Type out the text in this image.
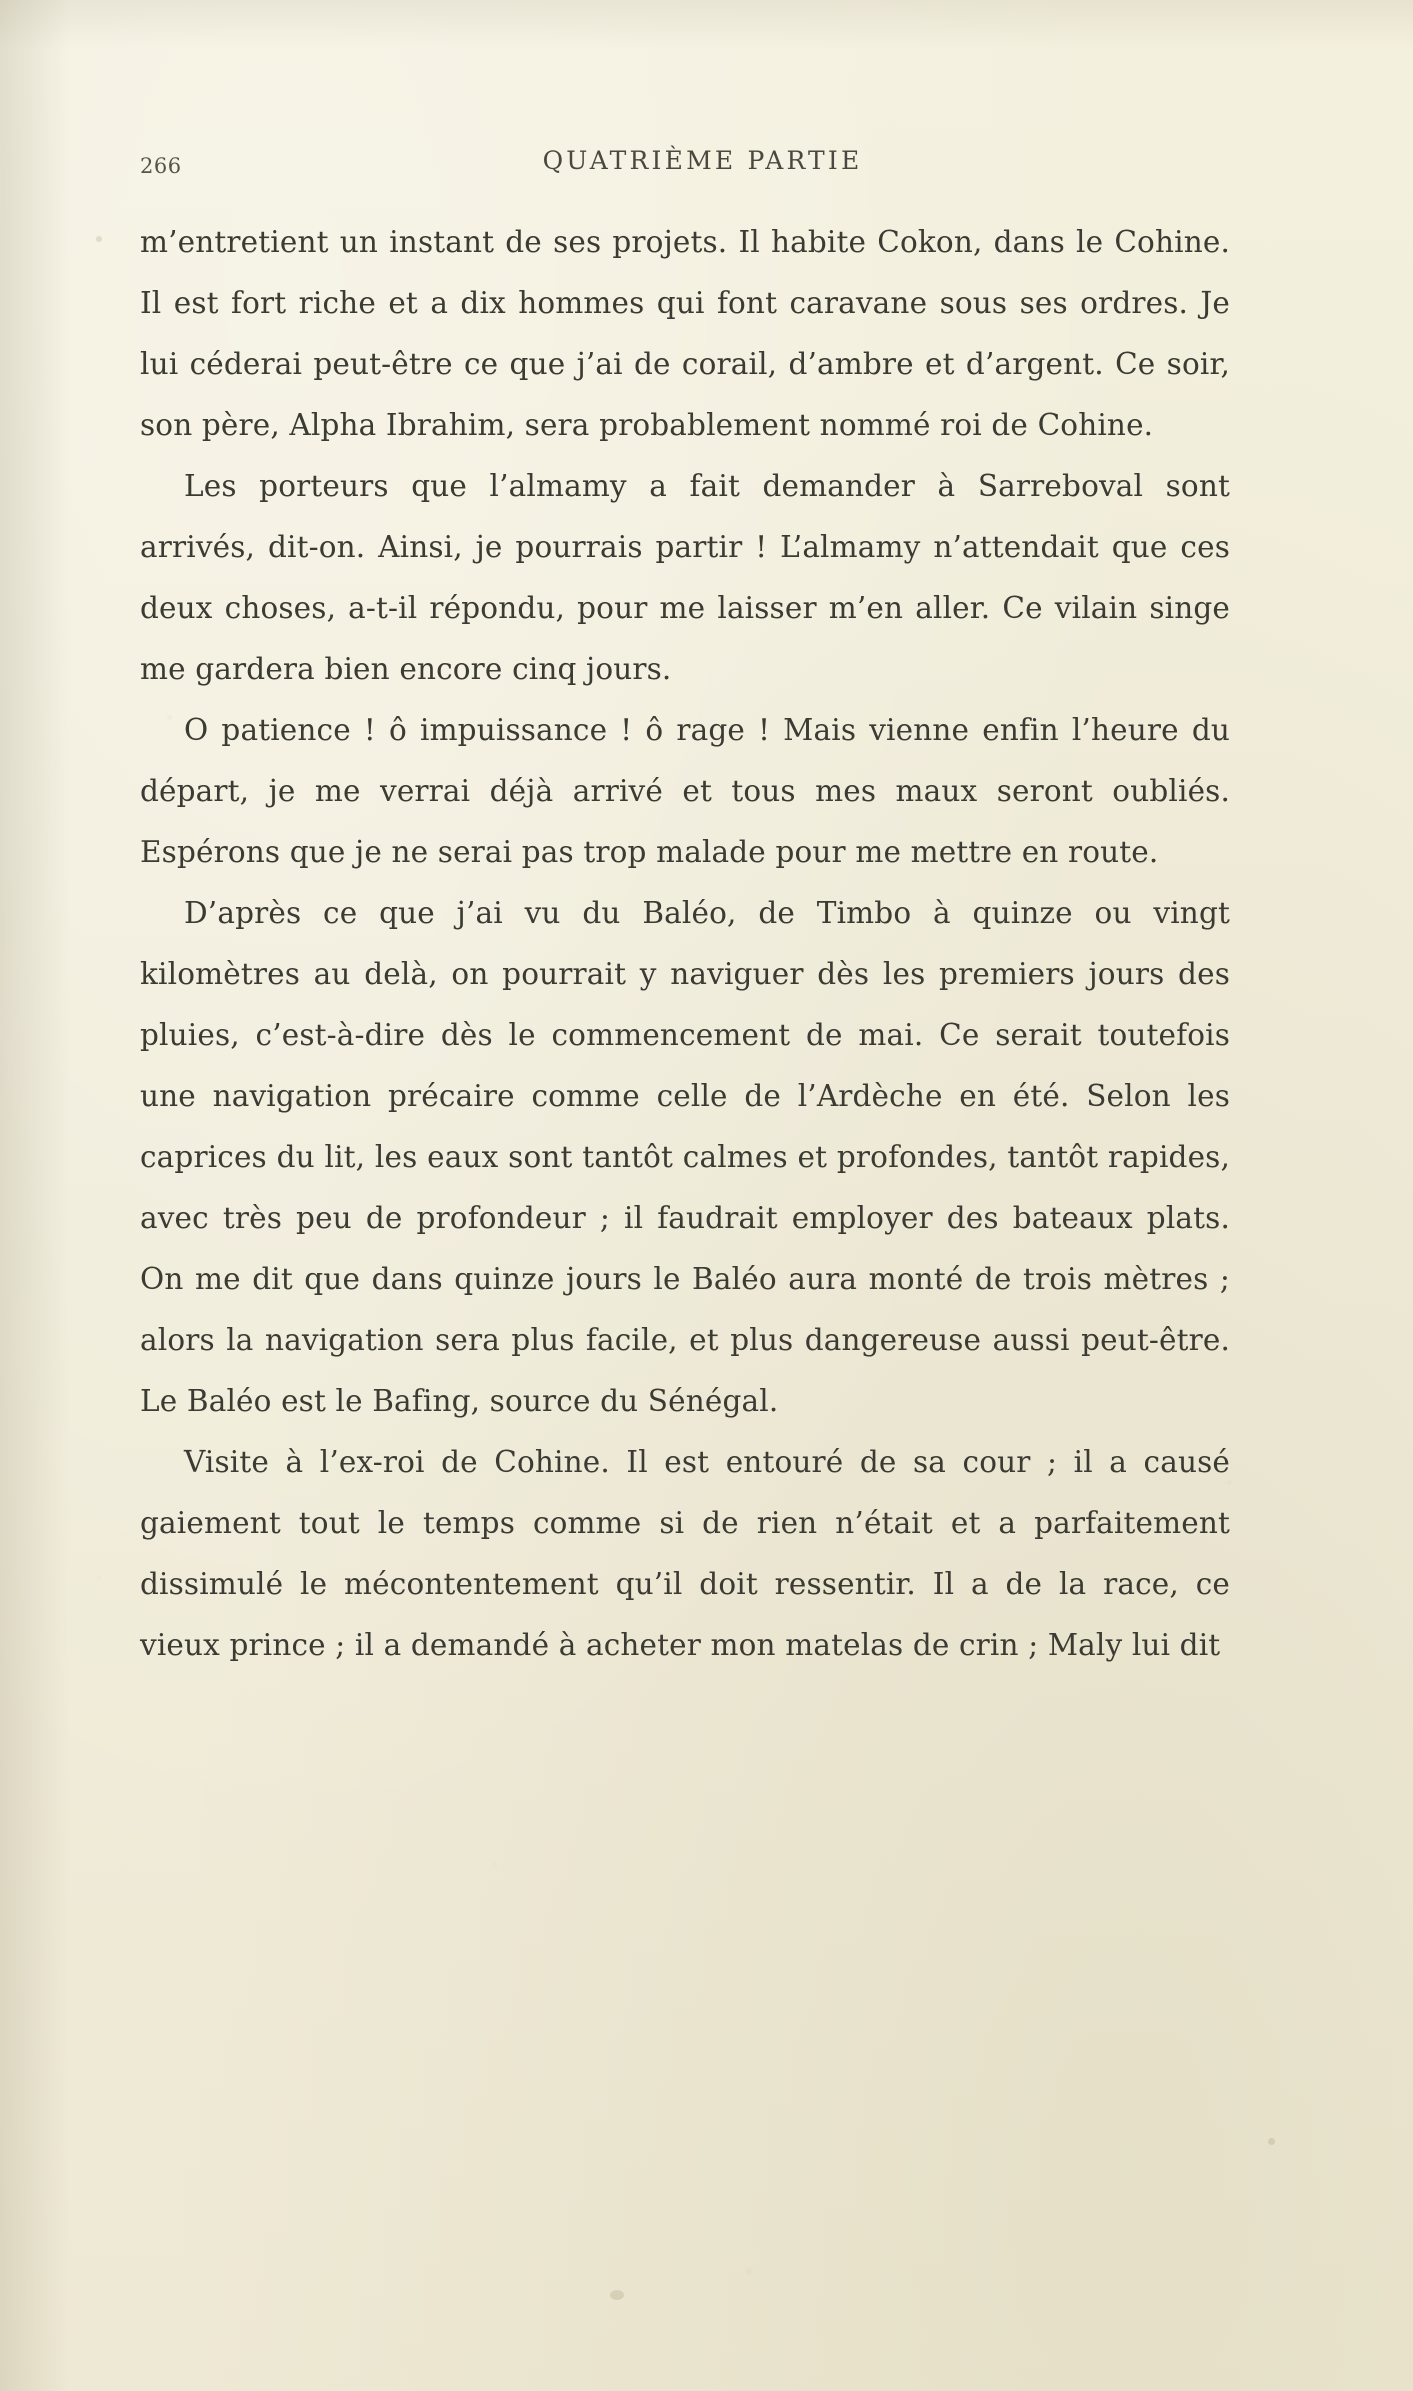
266	QUATRIÈME PARTIE

m’entretient un instant de ses projets. Il habite Cokon, dans le Cohine. Il est fort riche et a dix hommes qui font caravane sous ses ordres. Je lui céderai peut-être ce que j’ai de corail, d’ambre et d’argent. Ce soir, son père, Alpha Ibrahim, sera probablement nommé roi de Cohine.

Les porteurs que l’almamy a fait demander à Sarreboval sont arrivés, dit-on. Ainsi, je pourrais partir ! L’almamy n’attendait que ces deux choses, a-t-il répondu, pour me laisser m’en aller. Ce vilain singe me gardera bien encore cinq jours.

O patience ! ô impuissance ! ô rage ! Mais vienne enfin l’heure du départ, je me verrai déjà arrivé et tous mes maux seront oubliés. Espérons que je ne serai pas trop malade pour me mettre en route.

D’après ce que j’ai vu du Baléo, de Timbo à quinze ou vingt kilomètres au delà, on pourrait y naviguer dès les premiers jours des pluies, c’est-à-dire dès le commencement de mai. Ce serait toutefois une navigation précaire comme celle de l’Ardèche en été. Selon les caprices du lit, les eaux sont tantôt calmes et profondes, tantôt rapides, avec très peu de profondeur ; il faudrait employer des bateaux plats. On me dit que dans quinze jours le Baléo aura monté de trois mètres ; alors la navigation sera plus facile, et plus dangereuse aussi peut-être. Le Baléo est le Bafing, source du Sénégal.

Visite à l’ex-roi de Cohine. Il est entouré de sa cour ; il a causé gaiement tout le temps comme si de rien n’était et a parfaitement dissimulé le mécontentement qu’il doit ressentir. Il a de la race, ce vieux prince ; il a demandé à acheter mon matelas de crin ; Maly lui dit
